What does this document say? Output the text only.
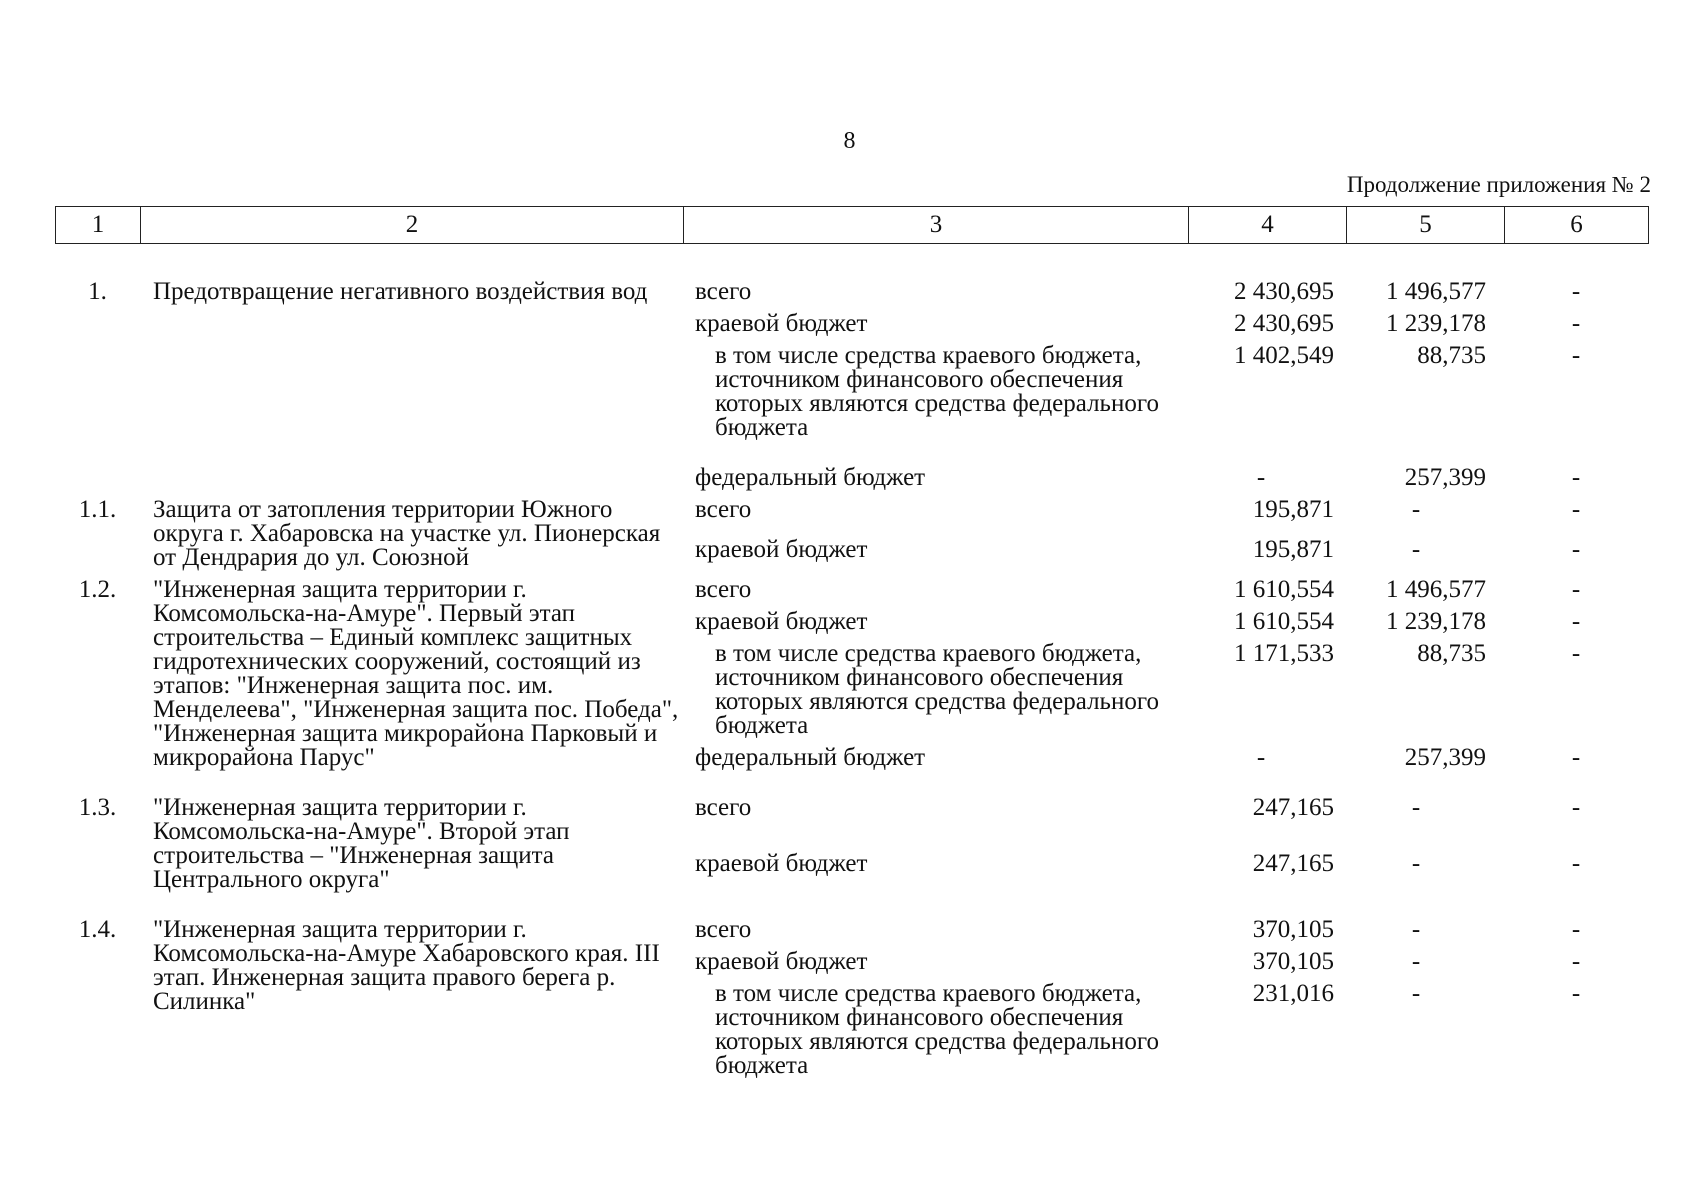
8
Продолжение приложения № 2
1	2	3	4	5	6
1.	Предотвращение негативного воздействия вод	всего	2 430,695	1 496,577	-
		краевой бюджет	2 430,695	1 239,178	-
		в том числе средства краевого бюджета, источником финансового обеспечения которых являются средства федерального бюджета	1 402,549	88,735	-
		федеральный бюджет	-	257,399	-
1.1.	Защита от затопления территории Южного округа г. Хабаровска на участке ул. Пионерская от Дендрария до ул. Союзной	всего	195,871	-	-
		краевой бюджет	195,871	-	-
1.2.	"Инженерная защита территории г. Комсомольска-на-Амуре". Первый этап строительства – Единый комплекс защитных гидротехнических сооружений, состоящий из этапов: "Инженерная защита пос. им. Менделеева", "Инженерная защита пос. Победа", "Инженерная защита микрорайона Парковый и микрорайона Парус"	всего	1 610,554	1 496,577	-
		краевой бюджет	1 610,554	1 239,178	-
		в том числе средства краевого бюджета, источником финансового обеспечения которых являются средства федерального бюджета	1 171,533	88,735	-
		федеральный бюджет	-	257,399	-
1.3.	"Инженерная защита территории г. Комсомольска-на-Амуре". Второй этап строительства – "Инженерная защита Центрального округа"	всего	247,165	-	-
		краевой бюджет	247,165	-	-
1.4.	"Инженерная защита территории г. Комсомольска-на-Амуре Хабаровского края. III этап. Инженерная защита правого берега р. Силинка"	всего	370,105	-	-
		краевой бюджет	370,105	-	-
		в том числе средства краевого бюджета, источником финансового обеспечения которых являются средства федерального бюджета	231,016	-	-
